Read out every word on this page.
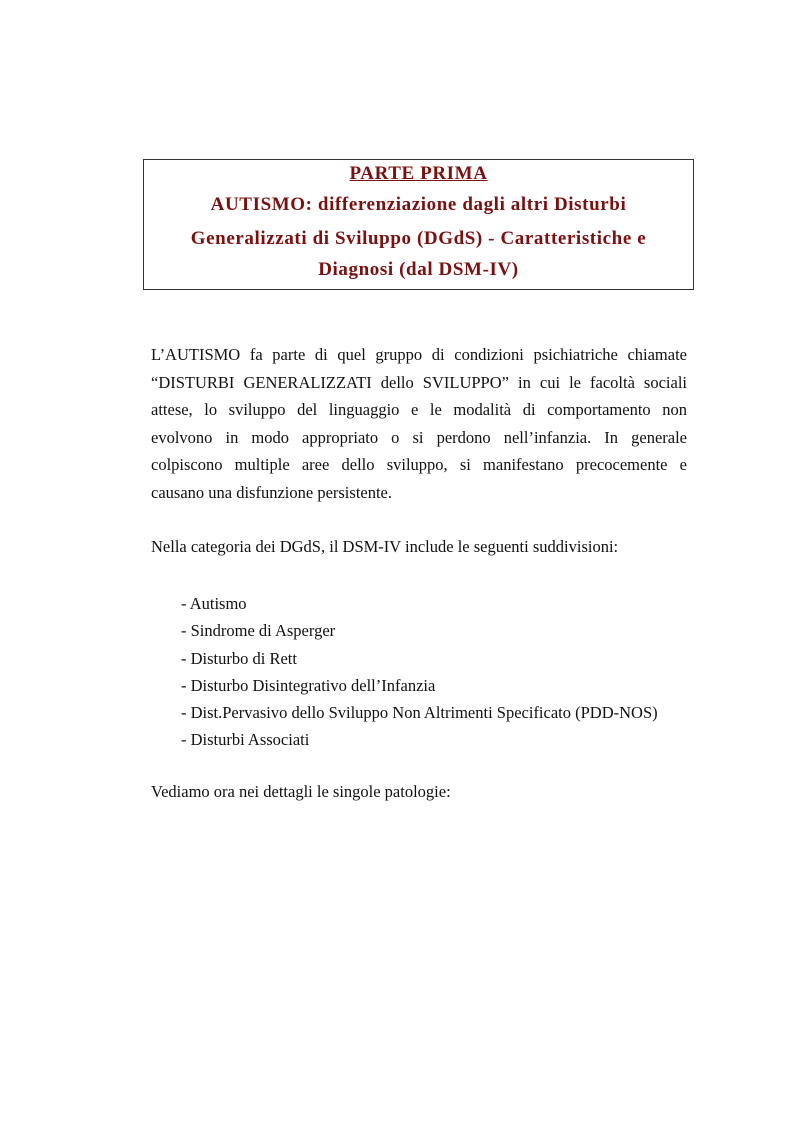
PARTE PRIMA
AUTISMO: differenziazione dagli altri Disturbi
Generalizzati di Sviluppo (DGdS) - Caratteristiche e
Diagnosi (dal DSM-IV)
L’AUTISMO fa parte di quel gruppo di condizioni psichiatriche chiamate
“DISTURBI GENERALIZZATI dello SVILUPPO” in cui le facoltà sociali
attese, lo sviluppo del linguaggio e le modalità di comportamento non
evolvono in modo appropriato o si perdono nell’infanzia. In generale
colpiscono multiple aree dello sviluppo, si manifestano precocemente e
causano una disfunzione persistente.

Nella categoria dei DGdS, il DSM-IV include le seguenti suddivisioni:

- Autismo
- Sindrome di Asperger
- Disturbo di Rett
- Disturbo Disintegrativo dell’Infanzia
- Dist.Pervasivo dello Sviluppo Non Altrimenti Specificato (PDD-NOS)
- Disturbi Associati

Vediamo ora nei dettagli le singole patologie:
